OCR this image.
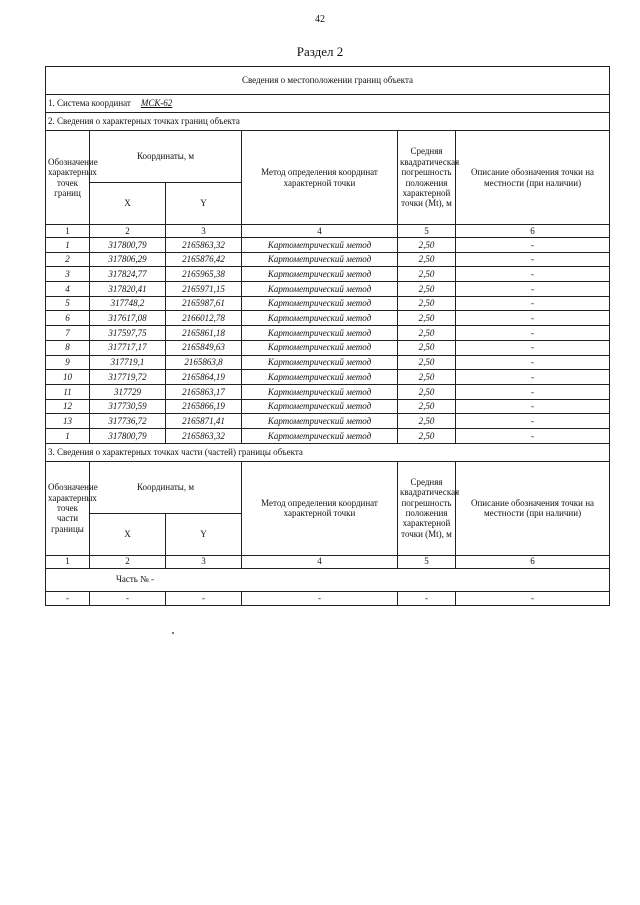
42
Раздел 2
Сведения о местоположении границ объекта					
1. Система координат МСК-62					
2. Сведения о характерных точках границ объекта					
Обозначение характерных точек границ	Координаты, м		Метод определения координат характерной точки	Средняя квадратическая погрешность положения характерной точки (Mt), м	Описание обозначения точки на местности (при наличии)
	X	Y			
1	2	3	4	5	6
1	317800,79	2165863,32	Картометрический метод	2,50	-
2	317806,29	2165876,42	Картометрический метод	2,50	-
3	317824,77	2165965,38	Картометрический метод	2,50	-
4	317820,41	2165971,15	Картометрический метод	2,50	-
5	317748,2	2165987,61	Картометрический метод	2,50	-
6	317617,08	2166012,78	Картометрический метод	2,50	-
7	317597,75	2165861,18	Картометрический метод	2,50	-
8	317717,17	2165849,63	Картометрический метод	2,50	-
9	317719,1	2165863,8	Картометрический метод	2,50	-
10	317719,72	2165864,19	Картометрический метод	2,50	-
11	317729	2165863,17	Картометрический метод	2,50	-
12	317730,59	2165866,19	Картометрический метод	2,50	-
13	317736,72	2165871,41	Картометрический метод	2,50	-
1	317800,79	2165863,32	Картометрический метод	2,50	-
3. Сведения о характерных точках части (частей) границы объекта					
Обозначение характерных точек части границы	Координаты, м		Метод определения координат характерной точки	Средняя квадратическая погрешность положения характерной точки (Mt), м	Описание обозначения точки на местности (при наличии)
	X	Y			
1	2	3	4	5	6
Часть № -					
-	-	-	-	-	-
